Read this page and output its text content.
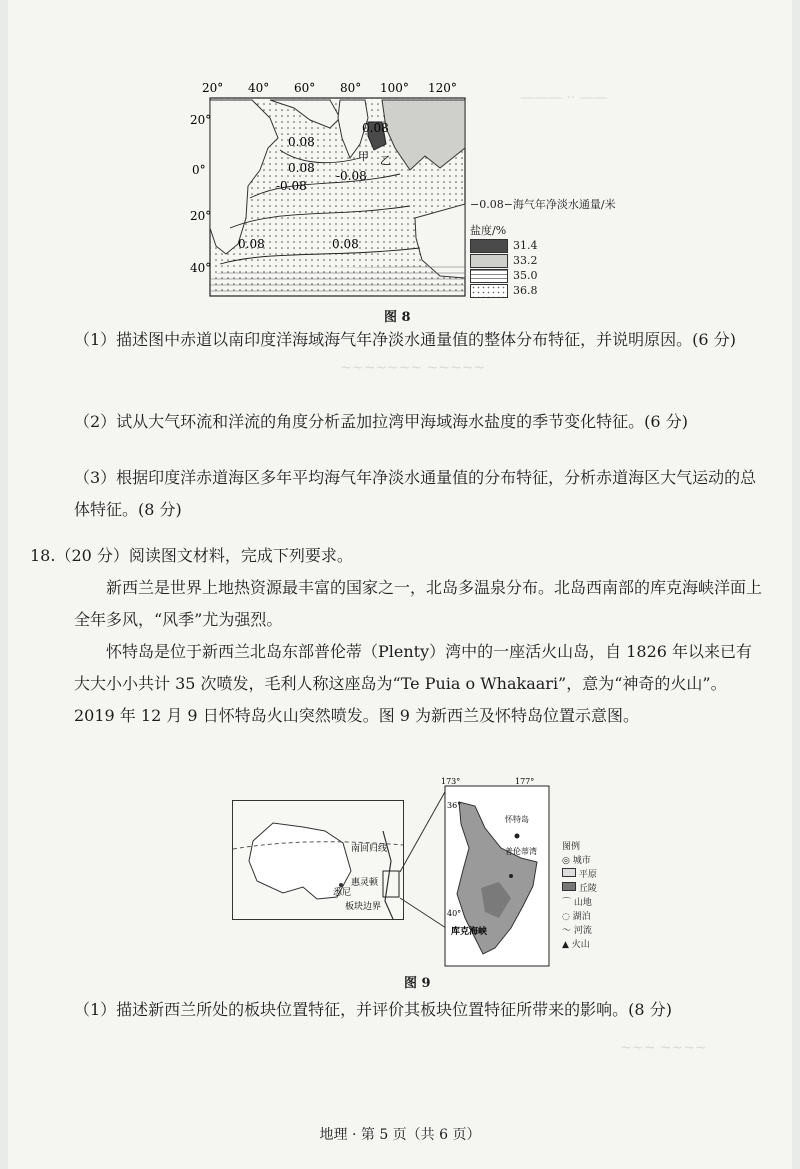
——— ·· ——
~~~~~~~ ~~~~~
~~~ ~~~~
20° 40° 60° 80° 100° 120°
20°
0°
20°
40°
0.08
-0.08
0.08
-0.08
0.08	0.08
0.08
甲 乙
−0.08−海气年净淡水通量/米
盐度/%
31.4
33.2
35.0
36.8
图 8
（1）描述图中赤道以南印度洋海域海气年净淡水通量值的整体分布特征，并说明原因。(6 分)
（2）试从大气环流和洋流的角度分析孟加拉湾甲海域海水盐度的季节变化特征。(6 分)
（3）根据印度洋赤道海区多年平均海气年净淡水通量值的分布特征，分析赤道海区大气运动的总体特征。(8 分)
18.（20 分）阅读图文材料，完成下列要求。
新西兰是世界上地热资源最丰富的国家之一，北岛多温泉分布。北岛西南部的库克海峡洋面上全年多风，“风季”尤为强烈。
怀特岛是位于新西兰北岛东部普伦蒂（Plenty）湾中的一座活火山岛，自 1826 年以来已有大大小小共计 35 次喷发，毛利人称这座岛为“Te Puia o Whakaari”，意为“神奇的火山”。2019 年 12 月 9 日怀特岛火山突然喷发。图 9 为新西兰及怀特岛位置示意图。
南回归线
悉尼
惠灵顿
板块边界
173°	177°
36°
40°
怀特岛
普伦蒂湾
库克海峡
图例
◎ 城市
平原
丘陵
⌒ 山地
◌ 湖泊
〜 河流
▲ 火山
图 9
（1）描述新西兰所处的板块位置特征，并评价其板块位置特征所带来的影响。(8 分)
地理 · 第 5 页（共 6 页）
